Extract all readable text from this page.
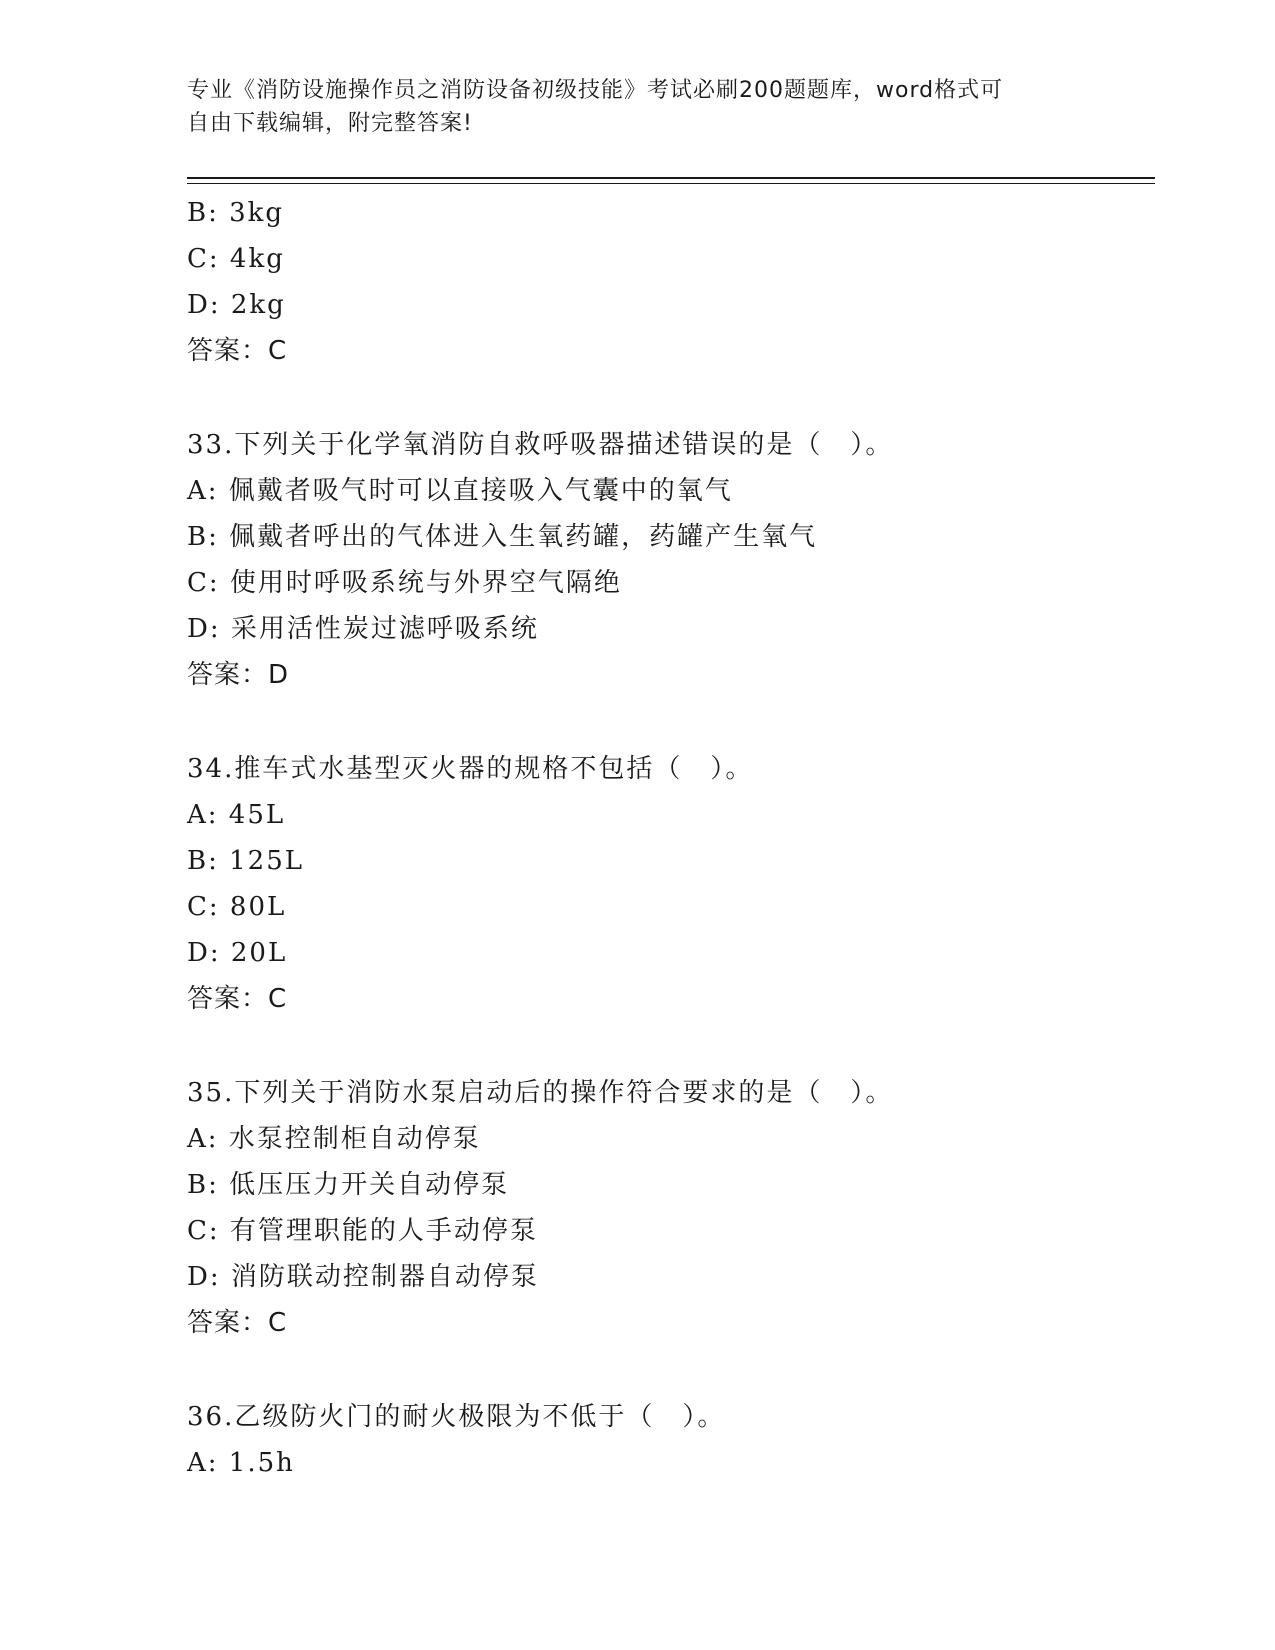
专业《消防设施操作员之消防设备初级技能》考试必刷200题题库，word格式可
自由下载编辑，附完整答案!
B: 3kg
C: 4kg
D: 2kg
答案：C
33.下列关于化学氧消防自救呼吸器描述错误的是（　）。
A: 佩戴者吸气时可以直接吸入气囊中的氧气
B: 佩戴者呼出的气体进入生氧药罐，药罐产生氧气
C: 使用时呼吸系统与外界空气隔绝
D: 采用活性炭过滤呼吸系统
答案：D
34.推车式水基型灭火器的规格不包括（　）。
A: 45L
B: 125L
C: 80L
D: 20L
答案：C
35.下列关于消防水泵启动后的操作符合要求的是（　）。
A: 水泵控制柜自动停泵
B: 低压压力开关自动停泵
C: 有管理职能的人手动停泵
D: 消防联动控制器自动停泵
答案：C
36.乙级防火门的耐火极限为不低于（　）。
A: 1.5h
